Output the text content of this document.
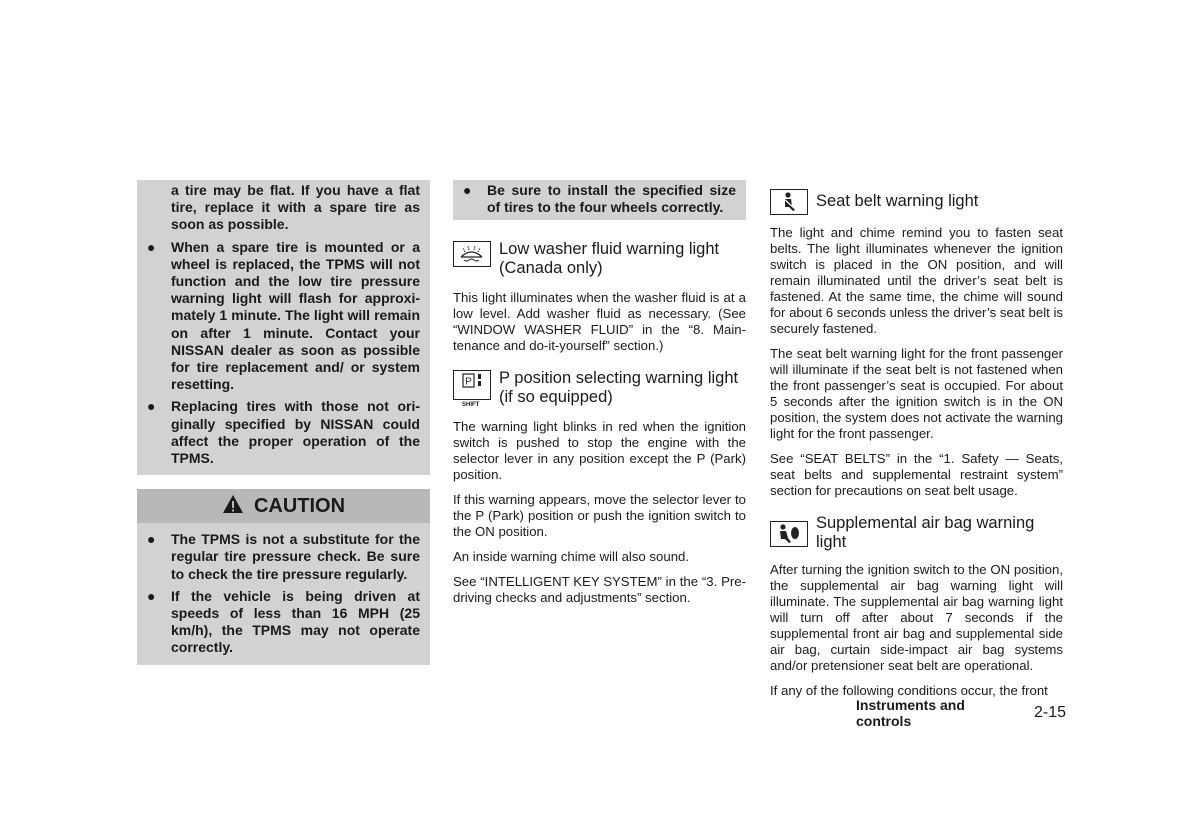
a tire may be flat. If you have a flat tire, replace it with a spare tire as soon as possible.
● When a spare tire is mounted or a wheel is replaced, the TPMS will not function and the low tire pressure warning light will flash for approxi-mately 1 minute. The light will remain on after 1 minute. Contact your NISSAN dealer as soon as possible for tire replacement and/ or system resetting.
● Replacing tires with those not ori-ginally specified by NISSAN could affect the proper operation of the TPMS.
CAUTION
● The TPMS is not a substitute for the regular tire pressure check. Be sure to check the tire pressure regularly.
● If the vehicle is being driven at speeds of less than 16 MPH (25 km/h), the TPMS may not operate correctly.
● Be sure to install the specified size of tires to the four wheels correctly.
Low washer fluid warning light
(Canada only)

This light illuminates when the washer fluid is at a low level. Add washer fluid as necessary. (See “WINDOW WASHER FLUID” in the “8. Main-tenance and do-it-yourself” section.)

P
$^{SHIFT}$
P position selecting warning light
(if so equipped)

The warning light blinks in red when the ignition switch is pushed to stop the engine with the selector lever in any position except the P (Park) position.

If this warning appears, move the selector lever to the P (Park) position or push the ignition switch to the ON position.

An inside warning chime will also sound.

See “INTELLIGENT KEY SYSTEM” in the “3. Pre-driving checks and adjustments” section.

Seat belt warning light

The light and chime remind you to fasten seat belts. The light illuminates whenever the ignition switch is placed in the ON position, and will remain illuminated until the driver’s seat belt is fastened. At the same time, the chime will sound for about 6 seconds unless the driver’s seat belt is securely fastened.

The seat belt warning light for the front passenger will illuminate if the seat belt is not fastened when the front passenger’s seat is occupied. For about 5 seconds after the ignition switch is in the ON position, the system does not activate the warning light for the front passenger.

See “SEAT BELTS” in the “1. Safety — Seats, seat belts and supplemental restraint system” section for precautions on seat belt usage.

Supplemental air bag warning light

After turning the ignition switch to the ON position, the supplemental air bag warning light will illuminate. The supplemental air bag warning light will turn off after about 7 seconds if the supplemental front air bag and supplemental side air bag, curtain side-impact air bag systems and/or pretensioner seat belt are operational.

If any of the following conditions occur, the front

Instruments and controls	2-15
